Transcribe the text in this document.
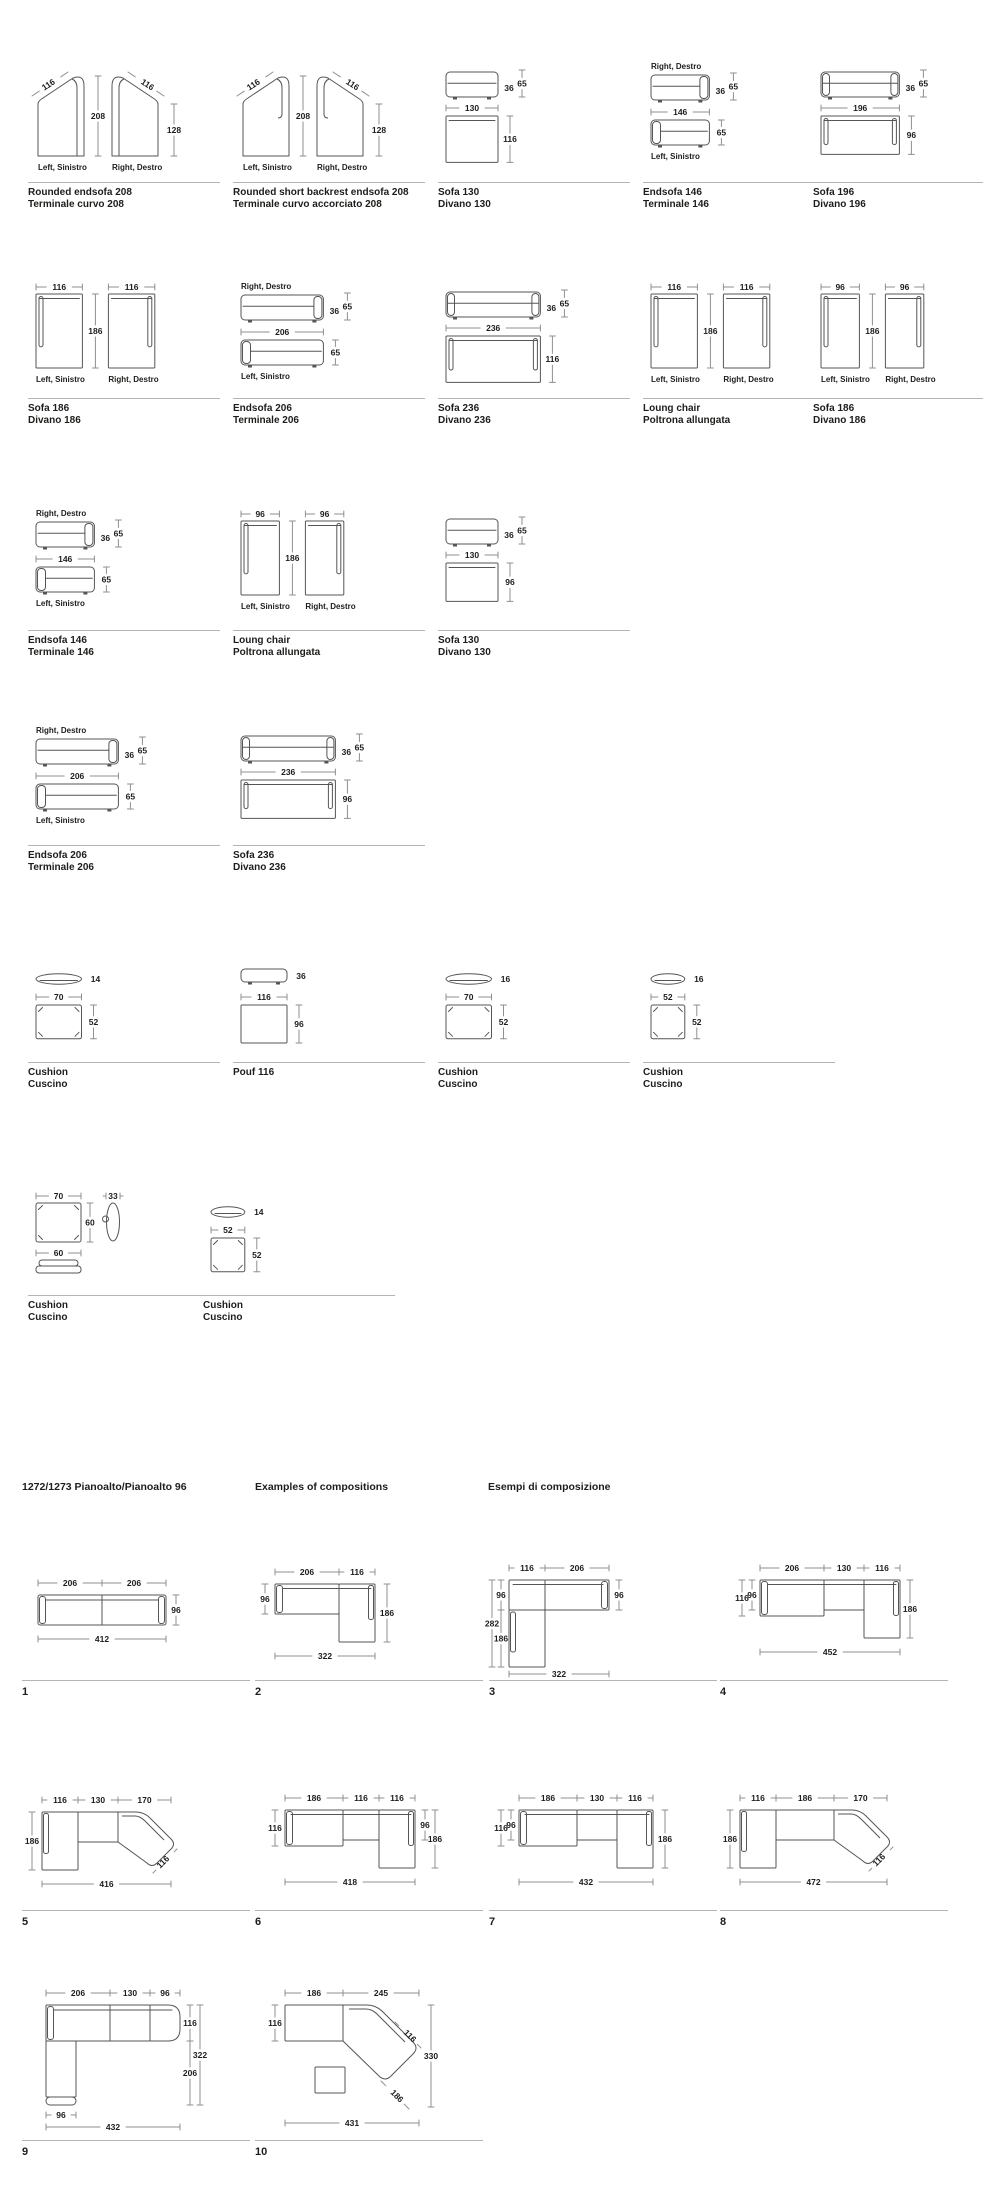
116
208
116
128
Left, Sinistro	Right, Destro
Rounded endsofa 208
Terminale curvo 208
116
208
116
128
Left, Sinistro	Right, Destro
Rounded short backrest endsofa 208
Terminale curvo accorciato 208
36 65
130
116
Sofa 130
Divano 130
Right, Destro
36 65
146
65
Left, Sinistro
Endsofa 146
Terminale 146
36 65
196
96
Sofa 196
Divano 196
116	116
186
Left, Sinistro	Right, Destro
Sofa 186
Divano 186
Right, Destro
36 65
206
65
Left, Sinistro
Endsofa 206
Terminale 206
36 65
236
116
Sofa 236
Divano 236
116	116
186
Left, Sinistro	Right, Destro
Loung chair
Poltrona allungata
96	96
186
Left, Sinistro Right, Destro
Sofa 186
Divano 186
Right, Destro
36 65
146
65
Left, Sinistro
Endsofa 146
Terminale 146
96	96
186
Left, Sinistro Right, Destro
Loung chair
Poltrona allungata
36 65
130
96
Sofa 130
Divano 130
Right, Destro
36 65
206
65
Left, Sinistro
Endsofa 206
Terminale 206
36 65
236
96
Sofa 236
Divano 236
14
70
52
Cushion
Cuscino
36
116
96
Pouf 116
16
70
52
Cushion
Cuscino
16
52
52
Cushion
Cuscino
70
60
33
60
Cushion
Cuscino
14
52
52
Cushion
Cuscino
1272/1273 Pianoalto/Pianoalto 96	Examples of compositions	Esempi di composizione
206	206
96
412
1
206	116
96
186
322
2
116	206
96
282
186
96
322
3
206	130	116
116
96
186
452
4
116	130	170
186
116
416
5
186	116	116
116	96
186
418
6
186	130	116
116
96
186
432
7
116	186	170
186
116
472
8
206	130	96
116
322
206
96
432
9
186	245
116
330
116
186
431
10
